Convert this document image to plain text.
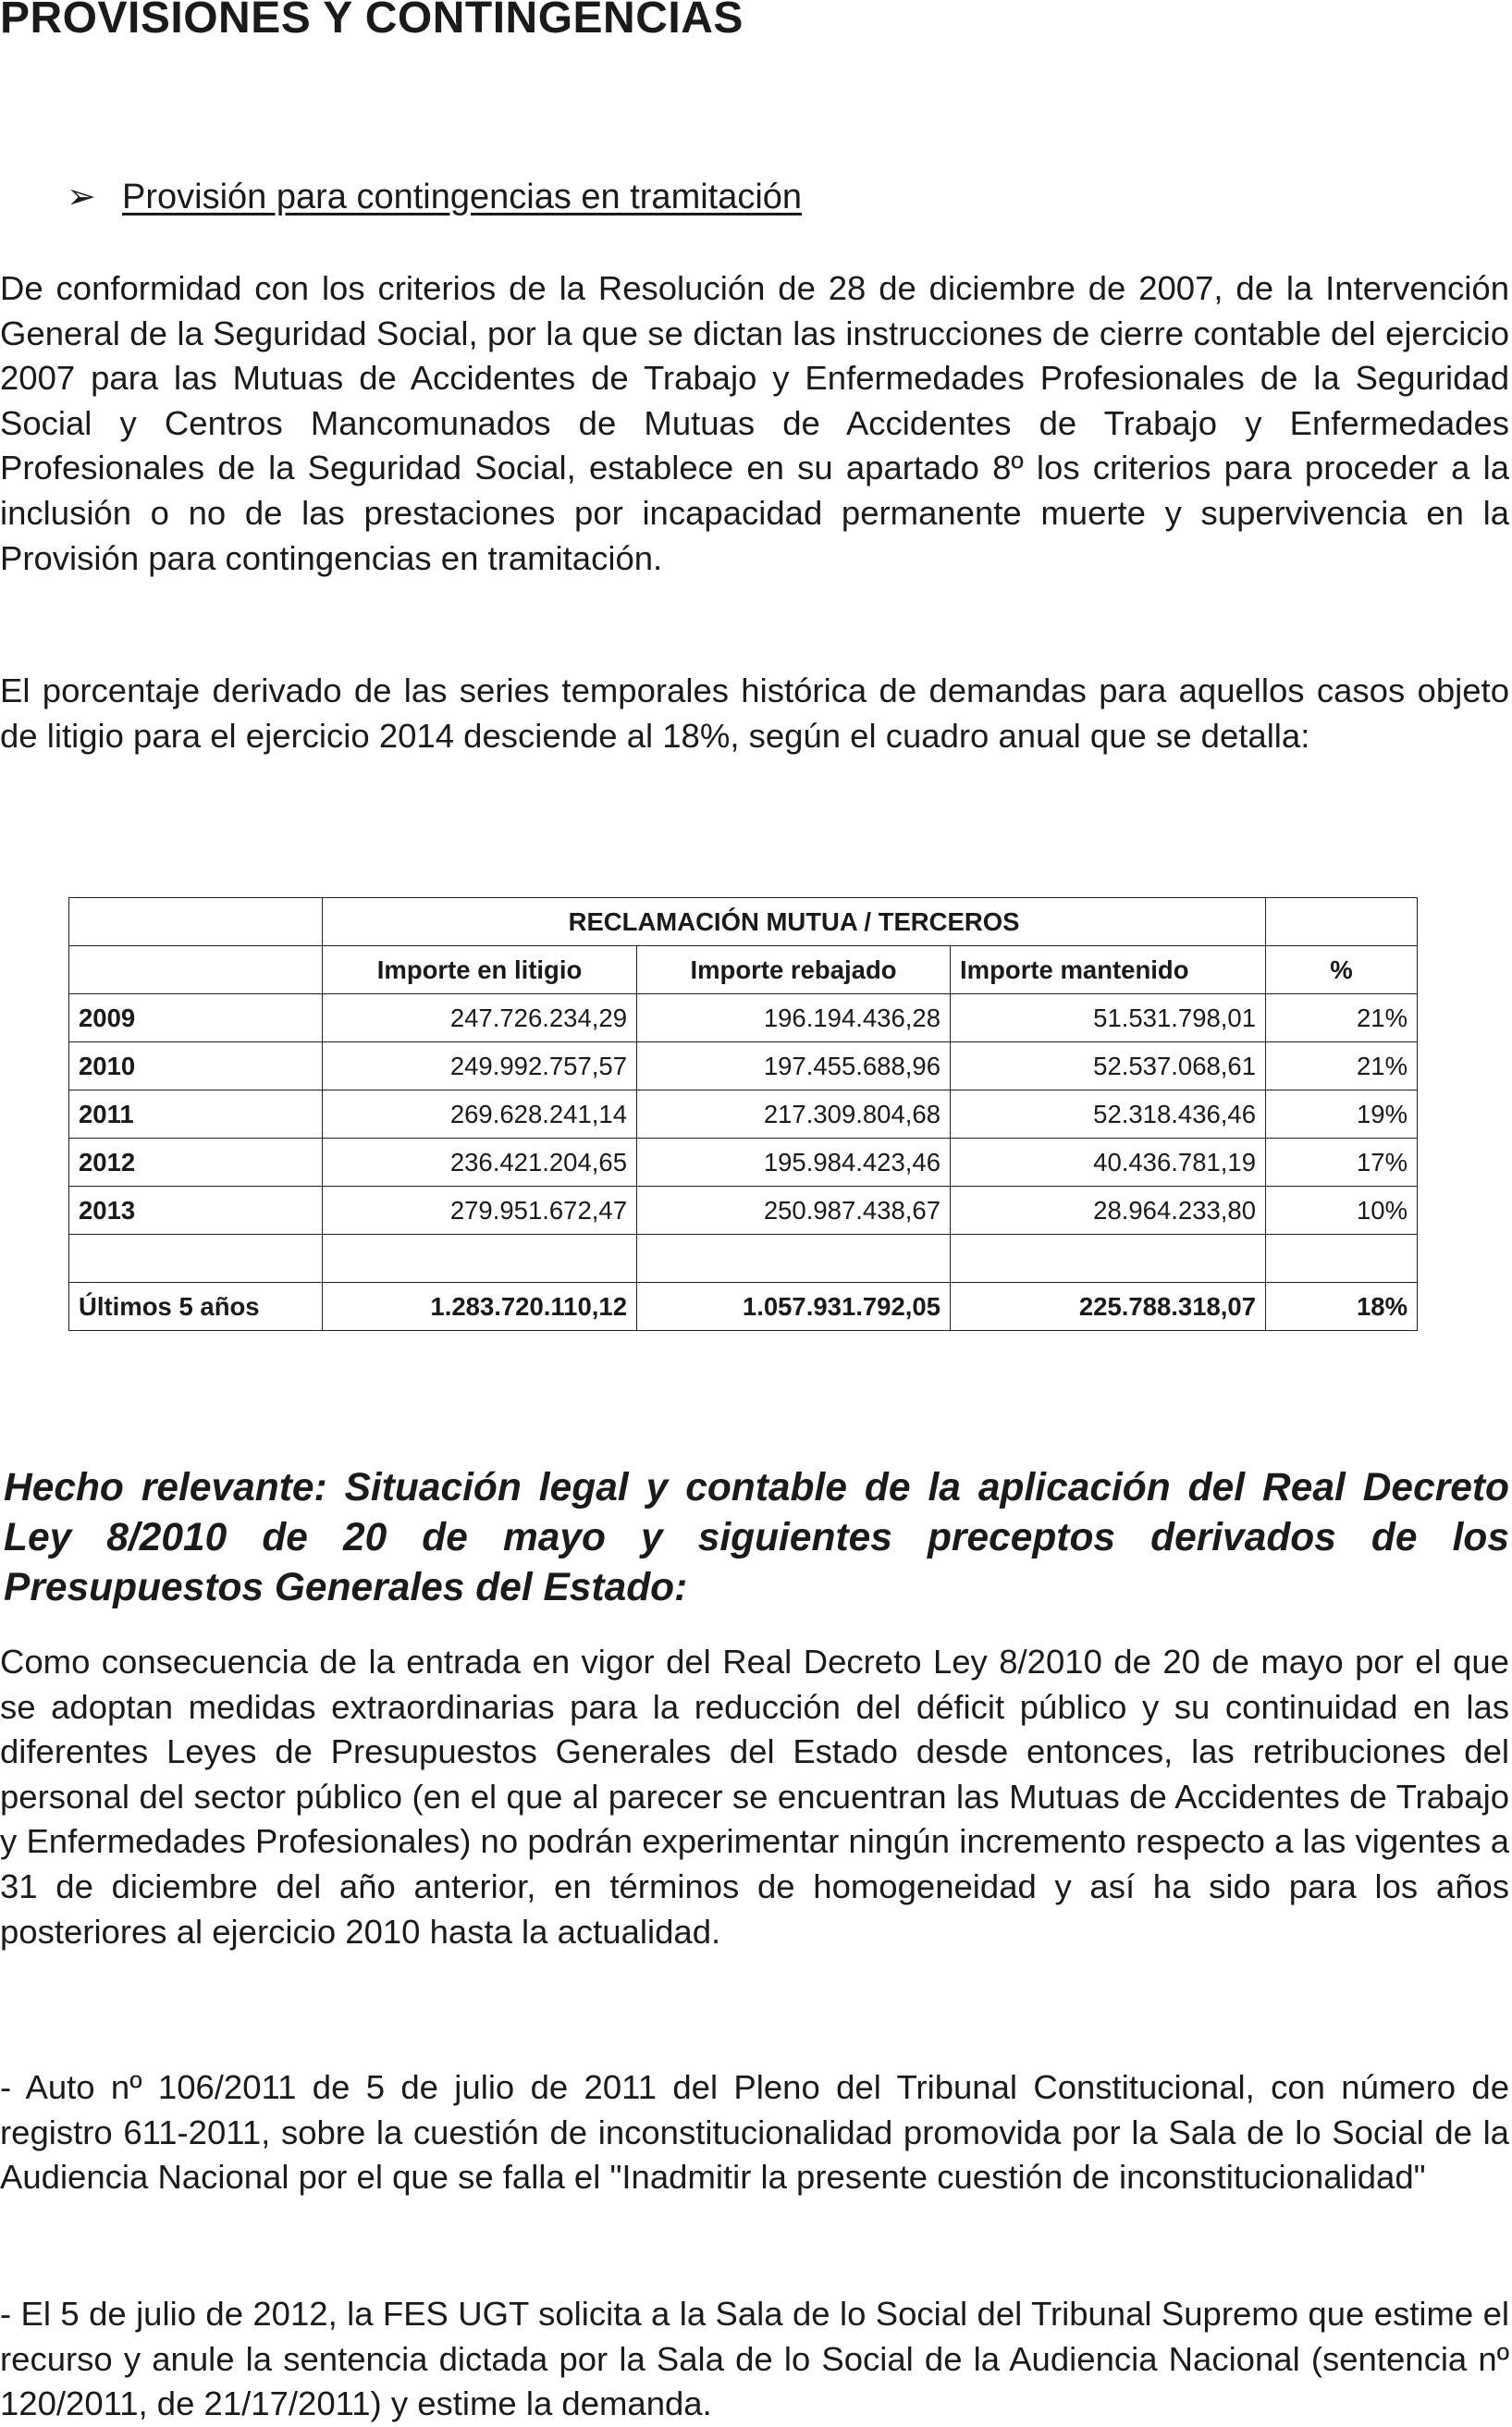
PROVISIONES Y CONTINGENCIAS
➢ Provisión para contingencias en tramitación

De conformidad con los criterios de la Resolución de 28 de diciembre de 2007, de la Intervención General de la Seguridad Social, por la que se dictan las instrucciones de cierre contable del ejercicio 2007 para las Mutuas de Accidentes de Trabajo y Enfermedades Profesionales de la Seguridad Social y Centros Mancomunados de Mutuas de Accidentes de Trabajo y Enfermedades Profesionales de la Seguridad Social, establece en su apartado 8º los criterios para proceder a la inclusión o no de las prestaciones por incapacidad permanente muerte y supervivencia en la Provisión para contingencias en tramitación.

El porcentaje derivado de las series temporales histórica de demandas para aquellos casos objeto de litigio para el ejercicio 2014 desciende al 18%, según el cuadro anual que se detalla:

	RECLAMACIÓN MUTUA / TERCEROS			
	Importe en litigio	Importe rebajado	Importe mantenido	%
2009	247.726.234,29	196.194.436,28	51.531.798,01	21%
2010	249.992.757,57	197.455.688,96	52.537.068,61	21%
2011	269.628.241,14	217.309.804,68	52.318.436,46	19%
2012	236.421.204,65	195.984.423,46	40.436.781,19	17%
2013	279.951.672,47	250.987.438,67	28.964.233,80	10%

Últimos 5 años	1.283.720.110,12	1.057.931.792,05	225.788.318,07	18%

Hecho relevante: Situación legal y contable de la aplicación del Real Decreto Ley 8/2010 de 20 de mayo y siguientes preceptos derivados de los Presupuestos Generales del Estado:

Como consecuencia de la entrada en vigor del Real Decreto Ley 8/2010 de 20 de mayo por el que se adoptan medidas extraordinarias para la reducción del déficit público y su continuidad en las diferentes Leyes de Presupuestos Generales del Estado desde entonces, las retribuciones del personal del sector público (en el que al parecer se encuentran las Mutuas de Accidentes de Trabajo y Enfermedades Profesionales) no podrán experimentar ningún incremento respecto a las vigentes a 31 de diciembre del año anterior, en términos de homogeneidad y así ha sido para los años posteriores al ejercicio 2010 hasta la actualidad.

- Auto nº 106/2011 de 5 de julio de 2011 del Pleno del Tribunal Constitucional, con número de registro 611-2011, sobre la cuestión de inconstitucionalidad promovida por la Sala de lo Social de la Audiencia Nacional por el que se falla el "Inadmitir la presente cuestión de inconstitucionalidad"

- El 5 de julio de 2012, la FES UGT solicita a la Sala de lo Social del Tribunal Supremo que estime el recurso y anule la sentencia dictada por la Sala de lo Social de la Audiencia Nacional (sentencia nº 120/2011, de 21/17/2011) y estime la demanda.
